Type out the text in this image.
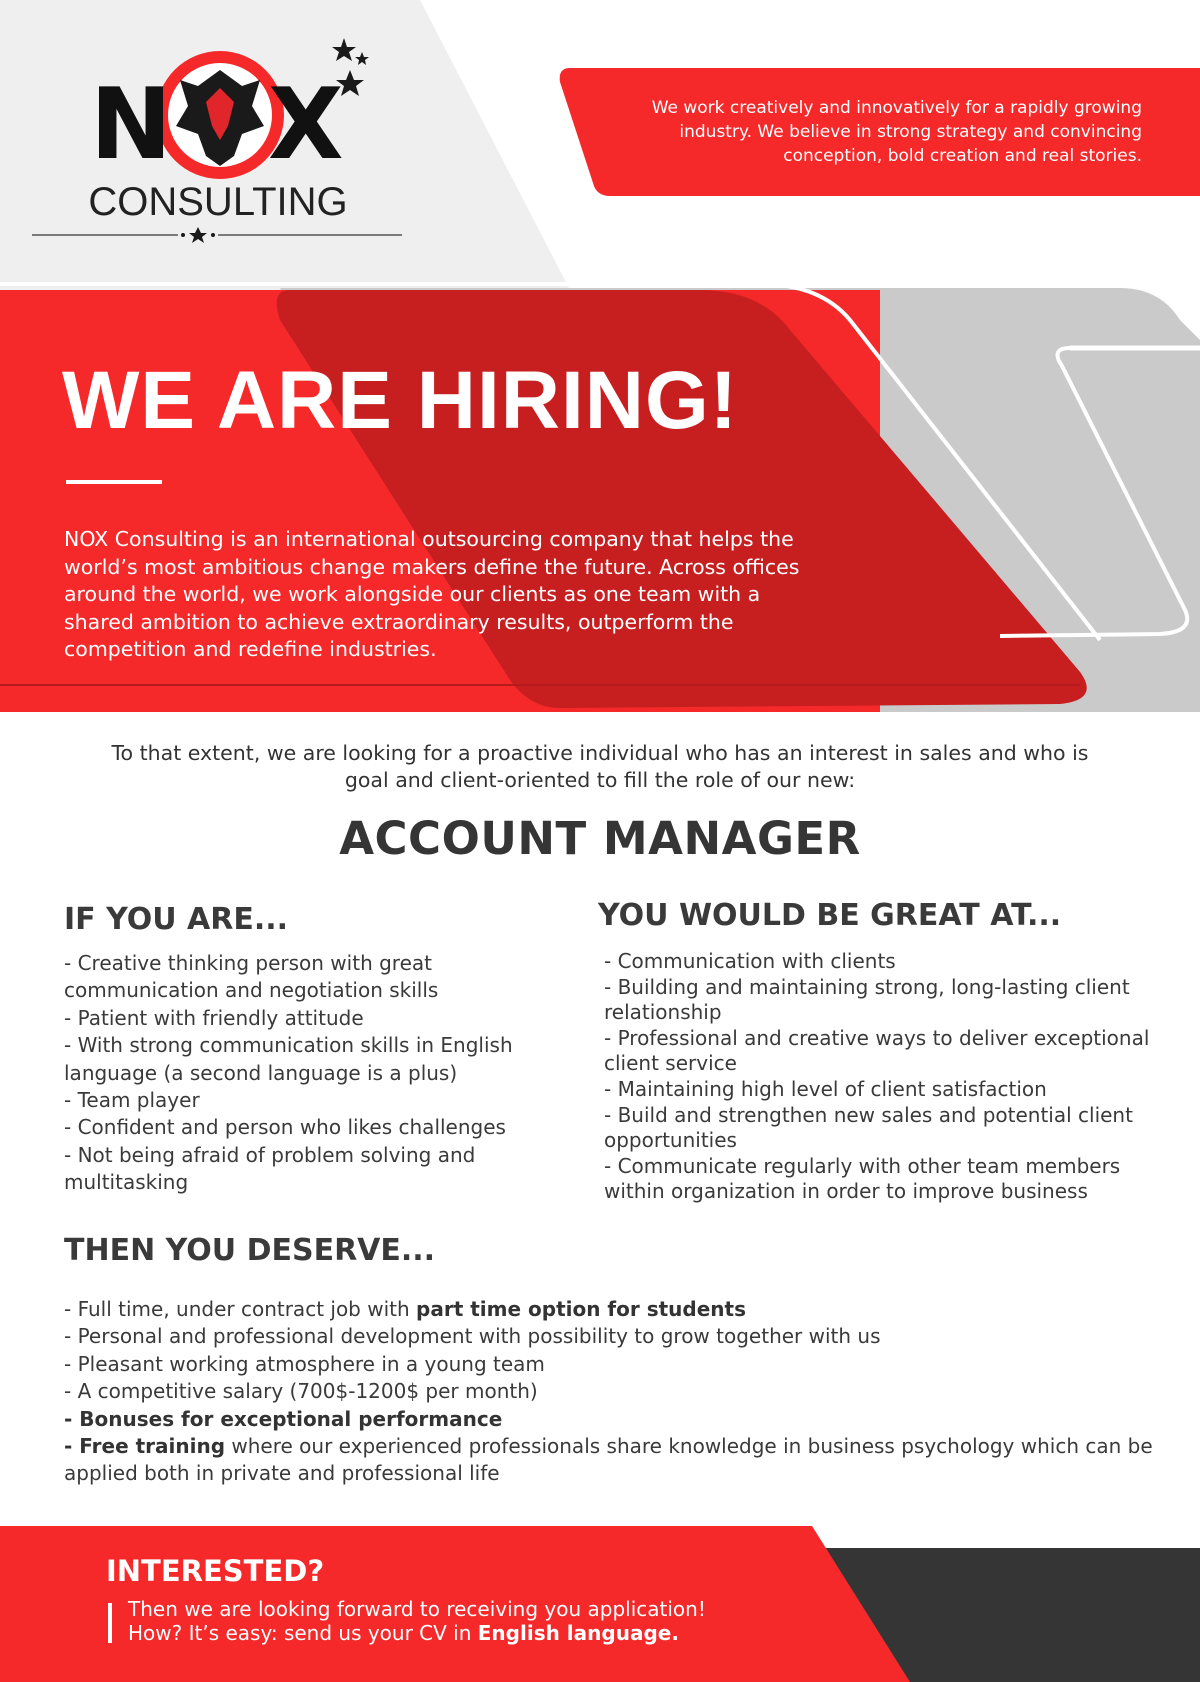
N X
CONSULTING
We work creatively and innovatively for a rapidly growing industry. We believe in strong strategy and convincing conception, bold creation and real stories.
WE ARE HIRING!
NOX Consulting is an international outsourcing company that helps the world’s most ambitious change makers define the future. Across offices around the world, we work alongside our clients as one team with a shared ambition to achieve extraordinary results, outperform the competition and redefine industries.
To that extent, we are looking for a proactive individual who has an interest in sales and who is goal and client-oriented to fill the role of our new:
ACCOUNT MANAGER
IF YOU ARE...
- Creative thinking person with great communication and negotiation skills
- Patient with friendly attitude
- With strong communication skills in English language (a second language is a plus)
- Team player
- Confident and person who likes challenges
- Not being afraid of problem solving and multitasking
YOU WOULD BE GREAT AT...
- Communication with clients
- Building and maintaining strong, long-lasting client relationship
- Professional and creative ways to deliver exceptional client service
- Maintaining high level of client satisfaction
- Build and strengthen new sales and potential client opportunities
- Communicate regularly with other team members within organization in order to improve business
THEN YOU DESERVE...
- Full time, under contract job with part time option for students
- Personal and professional development with possibility to grow together with us
- Pleasant working atmosphere in a young team
- A competitive salary (700$-1200$ per month)
- Bonuses for exceptional performance
- Free training where our experienced professionals share knowledge in business psychology which can be applied both in private and professional life
INTERESTED?
Then we are looking forward to receiving you application!
How? It’s easy: send us your CV in English language.
